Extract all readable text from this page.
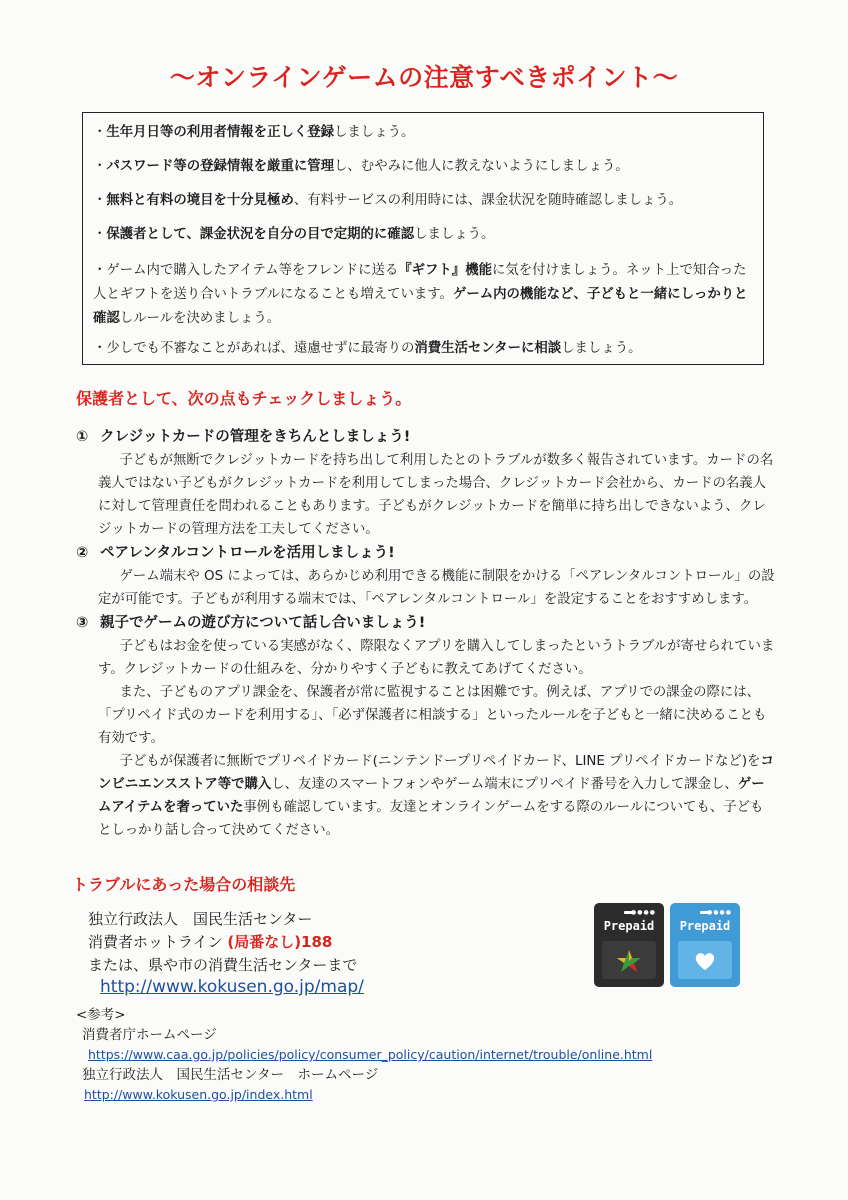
〜オンラインゲームの注意すべきポイント〜

・生年月日等の利用者情報を正しく登録しましょう。

・パスワード等の登録情報を厳重に管理し、むやみに他人に教えないようにしましょう。

・無料と有料の境目を十分見極め、有料サービスの利用時には、課金状況を随時確認しましょう。

・保護者として、課金状況を自分の目で定期的に確認しましょう。

・ゲーム内で購入したアイテム等をフレンドに送る『ギフト』機能に気を付けましょう。ネット上で知合った人とギフトを送り合いトラブルになることも増えています。ゲーム内の機能など、子どもと一緒にしっかりと確認しルールを決めましょう。

・少しでも不審なことがあれば、遠慮せずに最寄りの消費生活センターに相談しましょう。

保護者として、次の点もチェックしましょう。

① クレジットカードの管理をきちんとしましょう!

子どもが無断でクレジットカードを持ち出して利用したとのトラブルが数多く報告されています。カードの名義人ではない子どもがクレジットカードを利用してしまった場合、クレジットカード会社から、カードの名義人に対して管理責任を問われることもあります。子どもがクレジットカードを簡単に持ち出しできないよう、クレジットカードの管理方法を工夫してください。

② ペアレンタルコントロールを活用しましょう!

ゲーム端末や OS によっては、あらかじめ利用できる機能に制限をかける「ペアレンタルコントロール」の設定が可能です。子どもが利用する端末では、「ペアレンタルコントロール」を設定することをおすすめします。

③ 親子でゲームの遊び方について話し合いましょう!

子どもはお金を使っている実感がなく、際限なくアプリを購入してしまったというトラブルが寄せられています。クレジットカードの仕組みを、分かりやすく子どもに教えてあげてください。

また、子どものアプリ課金を、保護者が常に監視することは困難です。例えば、アプリでの課金の際には、「プリペイド式のカードを利用する」、「必ず保護者に相談する」といったルールを子どもと一緒に決めることも有効です。

子どもが保護者に無断でプリペイドカード(ニンテンドープリペイドカード、LINE プリペイドカードなど)をコンビニエンスストア等で購入し、友達のスマートフォンやゲーム端末にプリペイド番号を入力して課金し、ゲームアイテムを奢っていた事例も確認しています。友達とオンラインゲームをする際のルールについても、子どもとしっかり話し合って決めてください。

トラブルにあった場合の相談先

独立行政法人　国民生活センター

消費者ホットライン (局番なし)188

または、県や市の消費生活センターまで

http://www.kokusen.go.jp/map/
●●●●
Prepaid
●●●●
Prepaid

<参考>

消費者庁ホームページ

https://www.caa.go.jp/policies/policy/consumer_policy/caution/internet/trouble/online.html

独立行政法人　国民生活センター　ホームページ

http://www.kokusen.go.jp/index.html
